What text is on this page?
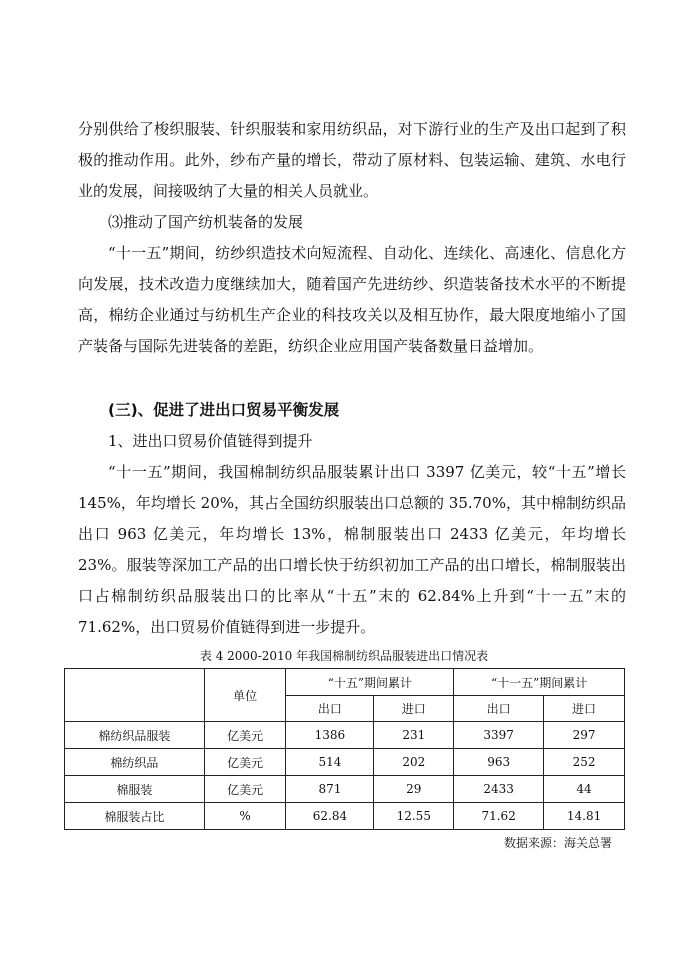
分别供给了梭织服装、针织服装和家用纺织品，对下游行业的生产及出口起到了积极的推动作用。此外，纱布产量的增长，带动了原材料、包装运输、建筑、水电行业的发展，间接吸纳了大量的相关人员就业。

⑶推动了国产纺机装备的发展

“十一五”期间，纺纱织造技术向短流程、自动化、连续化、高速化、信息化方向发展，技术改造力度继续加大，随着国产先进纺纱、织造装备技术水平的不断提高，棉纺企业通过与纺机生产企业的科技攻关以及相互协作，最大限度地缩小了国产装备与国际先进装备的差距，纺织企业应用国产装备数量日益增加。

(三)、促进了进出口贸易平衡发展

1、进出口贸易价值链得到提升

“十一五”期间，我国棉制纺织品服装累计出口 3397 亿美元，较“十五”增长 145%，年均增长 20%，其占全国纺织服装出口总额的 35.70%，其中棉制纺织品出口 963 亿美元，年均增长 13%，棉制服装出口 2433 亿美元，年均增长 23%。服装等深加工产品的出口增长快于纺织初加工产品的出口增长，棉制服装出口占棉制纺织品服装出口的比率从“十五”末的 62.84%上升到“十一五”末的 71.62%，出口贸易价值链得到进一步提升。

表 4 2000-2010 年我国棉制纺织品服装进出口情况表
	单位	“十五”期间累计		“十一五”期间累计	
		出口	进口	出口	进口
棉纺织品服装	亿美元	1386	231	3397	297
棉纺织品	亿美元	514	202	963	252
棉服装	亿美元	871	29	2433	44
棉服装占比	%	62.84	12.55	71.62	14.81
数据来源：海关总署
